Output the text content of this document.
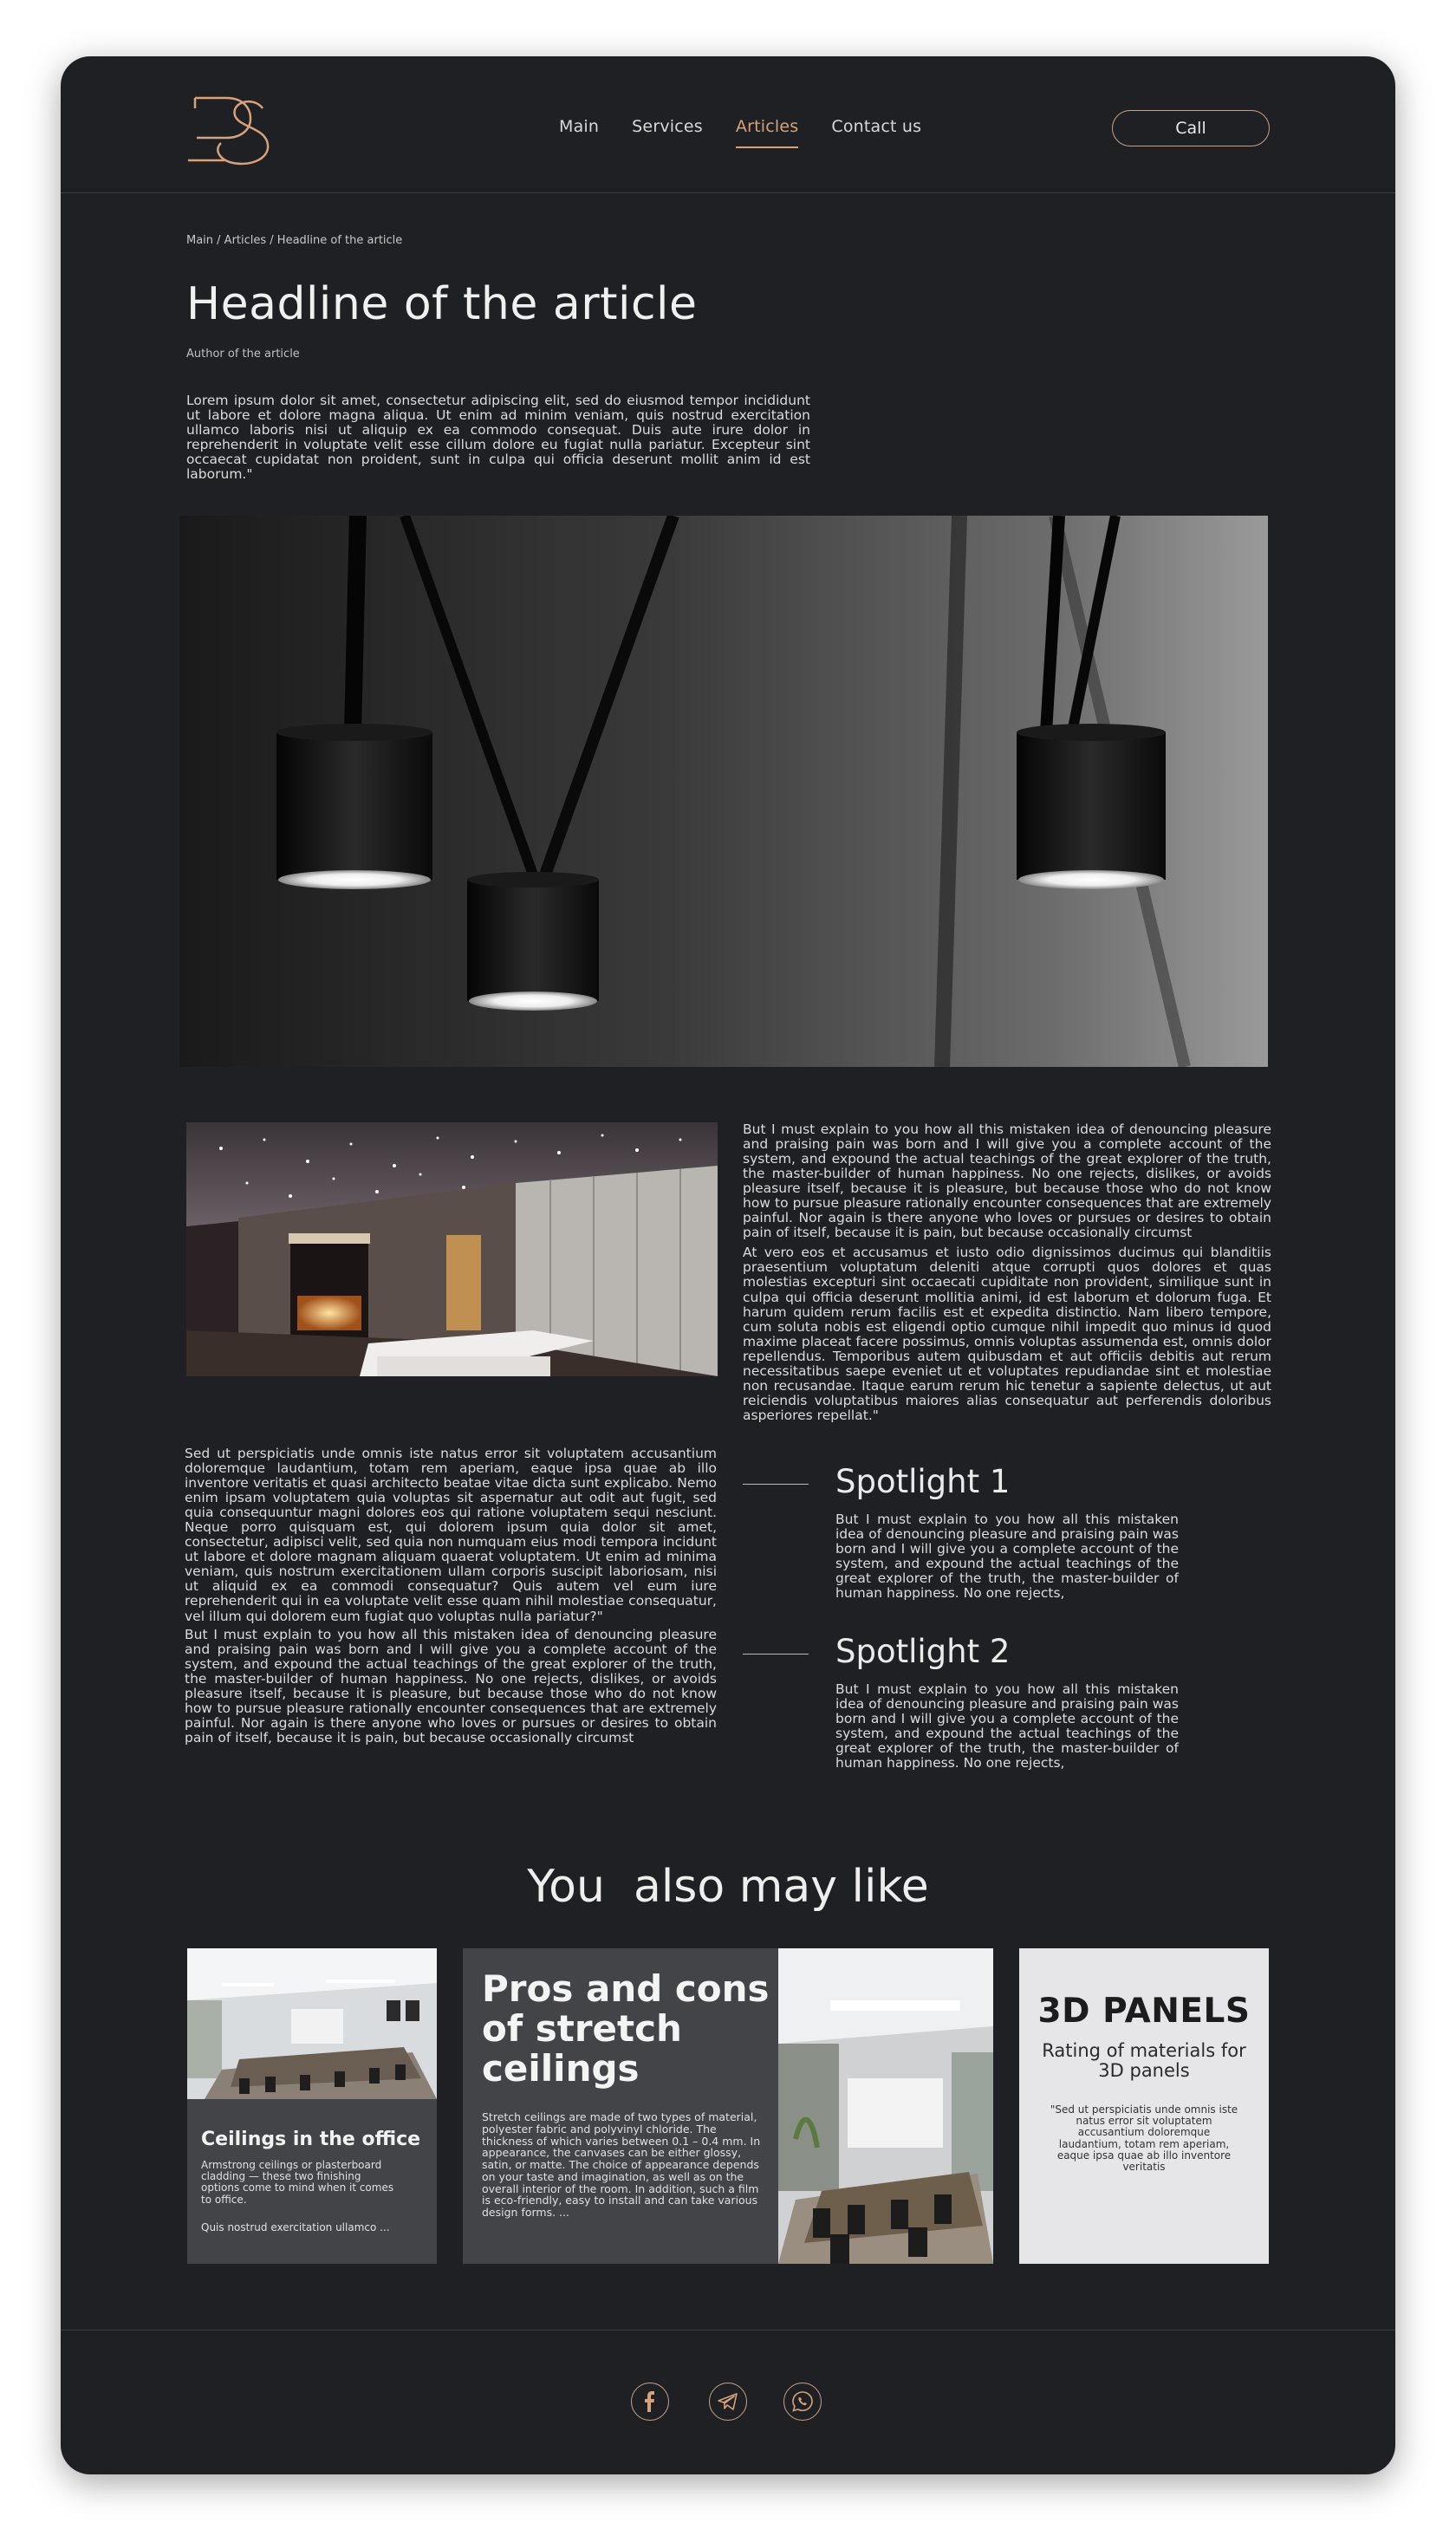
Main Services Articles Contact us	Call
Main / Articles / Headline of the article
Headline of the article
Author of the article

Lorem ipsum dolor sit amet, consectetur adipiscing elit, sed do eiusmod tempor incididunt ut labore et dolore magna aliqua. Ut enim ad minim veniam, quis nostrud exercitation ullamco laboris nisi ut aliquip ex ea commodo consequat. Duis aute irure dolor in reprehenderit in voluptate velit esse cillum dolore eu fugiat nulla pariatur. Excepteur sint occaecat cupidatat non proident, sunt in culpa qui officia deserunt mollit anim id est laborum."

But I must explain to you how all this mistaken idea of denouncing pleasure and praising pain was born and I will give you a complete account of the system, and expound the actual teachings of the great explorer of the truth, the master-builder of human happiness. No one rejects, dislikes, or avoids pleasure itself, because it is pleasure, but because those who do not know how to pursue pleasure rationally encounter consequences that are extremely painful. Nor again is there anyone who loves or pursues or desires to obtain pain of itself, because it is pain, but because occasionally circumst

At vero eos et accusamus et iusto odio dignissimos ducimus qui blanditiis praesentium voluptatum deleniti atque corrupti quos dolores et quas molestias excepturi sint occaecati cupiditate non provident, similique sunt in culpa qui officia deserunt mollitia animi, id est laborum et dolorum fuga. Et harum quidem rerum facilis est et expedita distinctio. Nam libero tempore, cum soluta nobis est eligendi optio cumque nihil impedit quo minus id quod maxime placeat facere possimus, omnis voluptas assumenda est, omnis dolor repellendus. Temporibus autem quibusdam et aut officiis debitis aut rerum necessitatibus saepe eveniet ut et voluptates repudiandae sint et molestiae non recusandae. Itaque earum rerum hic tenetur a sapiente delectus, ut aut reiciendis voluptatibus maiores alias consequatur aut perferendis doloribus asperiores repellat."

Sed ut perspiciatis unde omnis iste natus error sit voluptatem accusantium doloremque laudantium, totam rem aperiam, eaque ipsa quae ab illo inventore veritatis et quasi architecto beatae vitae dicta sunt explicabo. Nemo enim ipsam voluptatem quia voluptas sit aspernatur aut odit aut fugit, sed quia consequuntur magni dolores eos qui ratione voluptatem sequi nesciunt. Neque porro quisquam est, qui dolorem ipsum quia dolor sit amet, consectetur, adipisci velit, sed quia non numquam eius modi tempora incidunt ut labore et dolore magnam aliquam quaerat voluptatem. Ut enim ad minima veniam, quis nostrum exercitationem ullam corporis suscipit laboriosam, nisi ut aliquid ex ea commodi consequatur? Quis autem vel eum iure reprehenderit qui in ea voluptate velit esse quam nihil molestiae consequatur, vel illum qui dolorem eum fugiat quo voluptas nulla pariatur?"

But I must explain to you how all this mistaken idea of denouncing pleasure and praising pain was born and I will give you a complete account of the system, and expound the actual teachings of the great explorer of the truth, the master-builder of human happiness. No one rejects, dislikes, or avoids pleasure itself, because it is pleasure, but because those who do not know how to pursue pleasure rationally encounter consequences that are extremely painful. Nor again is there anyone who loves or pursues or desires to obtain pain of itself, because it is pain, but because occasionally circumst

Spotlight 1
But I must explain to you how all this mistaken idea of denouncing pleasure and praising pain was born and I will give you a complete account of the system, and expound the actual teachings of the great explorer of the truth, the master-builder of human happiness. No one rejects,
Spotlight 2
But I must explain to you how all this mistaken idea of denouncing pleasure and praising pain was born and I will give you a complete account of the system, and expound the actual teachings of the great explorer of the truth, the master-builder of human happiness. No one rejects,
You  also may like
Ceilings in the office
Armstrong ceilings or plasterboard cladding — these two finishing options come to mind when it comes to office.
Quis nostrud exercitation ullamco ...
Pros and cons of stretch ceilings
Stretch ceilings are made of two types of material, polyester fabric and polyvinyl chloride. The thickness of which varies between 0.1 – 0.4 mm. In appearance, the canvases can be either glossy, satin, or matte. The choice of appearance depends on your taste and imagination, as well as on the overall interior of the room. In addition, such a film is eco-friendly, easy to install and can take various design forms. ...
3D PANELS
Rating of materials for 3D panels
"Sed ut perspiciatis unde omnis iste natus error sit voluptatem accusantium doloremque laudantium, totam rem aperiam, eaque ipsa quae ab illo inventore veritatis
